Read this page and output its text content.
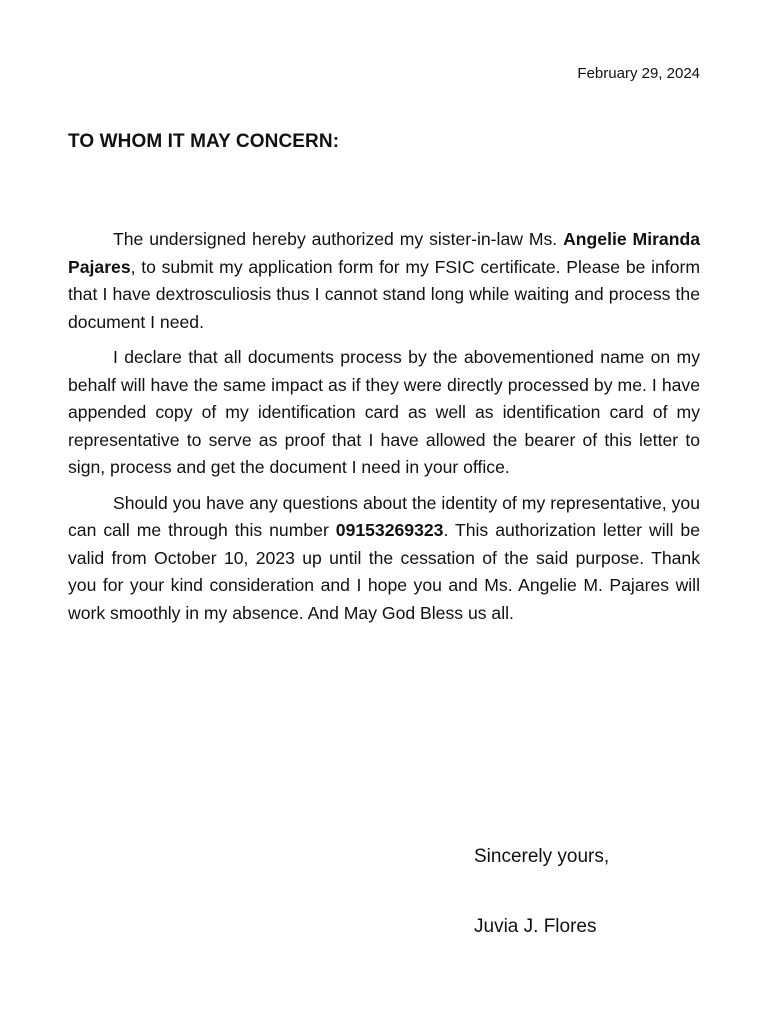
February 29, 2024
TO WHOM IT MAY CONCERN:

The undersigned hereby authorized my sister-in-law Ms. Angelie Miranda Pajares, to submit my application form for my FSIC certificate. Please be inform that I have dextrosculiosis thus I cannot stand long while waiting and process the document I need.

I declare that all documents process by the abovementioned name on my behalf will have the same impact as if they were directly processed by me. I have appended copy of my identification card as well as identification card of my representative to serve as proof that I have allowed the bearer of this letter to sign, process and get the document I need in your office.

Should you have any questions about the identity of my representative, you can call me through this number 09153269323. This authorization letter will be valid from October 10, 2023 up until the cessation of the said purpose. Thank you for your kind consideration and I hope you and Ms. Angelie M. Pajares will work smoothly in my absence. And May God Bless us all.

Sincerely yours,
Juvia J. Flores
